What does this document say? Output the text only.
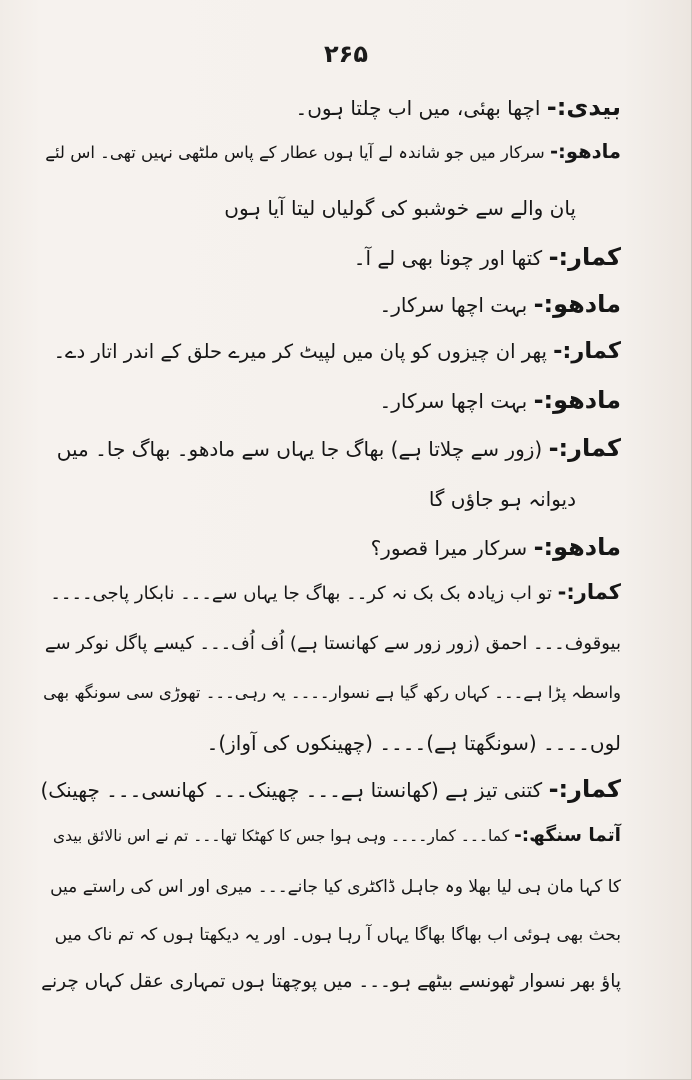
۲۶۵
بیدی:- اچھا بھئی، میں اب چلتا ہوں۔
مادھو:- سرکار میں جو شاندہ لے آیا ہوں عطار کے پاس ملٹھی نہیں تھی۔ اس لئے
پان والے سے خوشبو کی گولیاں لیتا آیا ہوں
کمار:- کتھا اور چونا بھی لے آ۔
مادھو:- بہت اچھا سرکار۔
کمار:- پھر ان چیزوں کو پان میں لپیٹ کر میرے حلق کے اندر اتار دے۔
مادھو:- بہت اچھا سرکار۔
کمار:- (زور سے چلاتا ہے) بھاگ جا یہاں سے مادھو۔ بھاگ جا۔ میں
دیوانہ ہو جاؤں گا
مادھو:- سرکار میرا قصور؟
کمار:- تو اب زیادہ بک بک نہ کر۔۔ بھاگ جا یہاں سے۔۔۔ نابکار پاجی۔۔۔۔
بیوقوف۔۔۔ احمق (زور زور سے کھانستا ہے) اُف اُف۔۔۔ کیسے پاگل نوکر سے
واسطہ پڑا ہے۔۔۔ کہاں رکھ گیا ہے نسوار۔۔۔۔ یہ رہی۔۔۔ تھوڑی سی سونگھ بھی
لوں۔۔۔۔ (سونگھتا ہے)۔۔۔۔ (چھینکوں کی آواز)۔
کمار:- کتنی تیز ہے (کھانستا ہے۔۔۔ چھینک۔۔۔ کھانسی۔۔۔ چھینک)
آتما سنگھ:- کما۔۔۔ کمار۔۔۔۔ وہی ہوا جس کا کھٹکا تھا۔۔۔ تم نے اس نالائق بیدی
کا کہا مان ہی لیا بھلا وہ جاہل ڈاکٹری کیا جانے۔۔۔ میری اور اس کی راستے میں
بحث بھی ہوئی اب بھاگا بھاگا یہاں آ رہا ہوں۔ اور یہ دیکھتا ہوں کہ تم ناک میں
پاؤ بھر نسوار ٹھونسے بیٹھے ہو۔۔۔ میں پوچھتا ہوں تمہاری عقل کہاں چرنے
